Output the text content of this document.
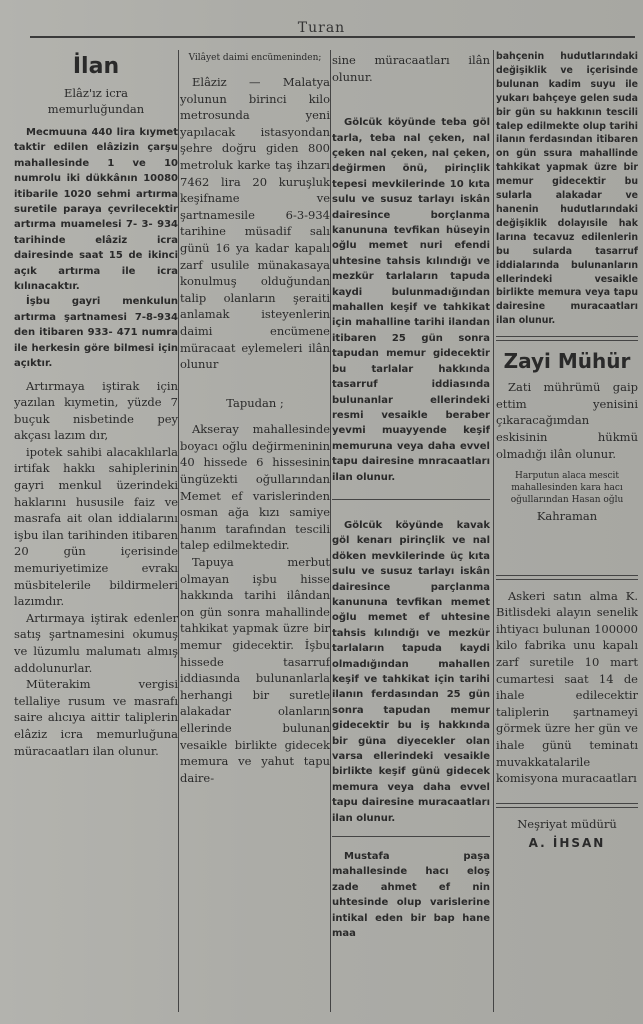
Turan
İlan
Elâz'ız icra memurluğundan

Mecmuuna 440 lira kıymet taktir edilen elâzizin çarşu mahallesinde 1 ve 10 numrolu iki dükkânın 10080 itibarile 1020 sehmi artırma suretile paraya çevrilecektir artırma muamelesi 7- 3- 934 tarihinde elâziz icra dairesinde saat 15 de ikinci açık artırma ile icra kılınacaktır.

İşbu gayri menkulun artırma şartnamesi 7-8-934 den itibaren 933- 471 numra ile herkesin göre bilmesi için açıktır.

Artırmaya iştirak için yazılan kıymetin, yüzde 7 buçuk nisbetinde pey akçası lazım dır,

ipotek sahibi alacaklılarla irtifak hakkı sahiplerinin gayri menkul üzerindeki haklarını hususile faiz ve masrafa ait olan iddialarını işbu ilan tarihinden itibaren 20 gün içerisinde memuriyetimize evrakı müsbitelerile bildirmeleri lazımdır.

Artırmaya iştirak edenler satış şartnamesini okumuş ve lüzumlu malumatı almış addolunurlar.

Müterakim vergisi tellaliye rusum ve masrafı saire alıcıya aittir taliplerin elâziz icra memurluğuna müracaatları ilan olunur.

Vilâyet daimi encümeninden;

Elâziz — Malatya yolunun birinci kilo metrosunda yeni yapılacak istasyondan şehre doğru giden 800 metroluk karke taş ihzarı 7462 lira 20 kuruşluk keşifname ve şartnamesile 6-3-934 tarihine müsadif salı günü 16 ya kadar kapalı zarf usulile münakasaya konulmuş olduğundan talip olanların şeraiti anlamak isteyenlerin daimi encümene müracaat eylemeleri ilân olunur

Tapudan ;

Akseray mahallesinde boyacı oğlu değirmeninin 40 hissede 6 hissesinin üngüzekti oğullarından Memet ef varislerinden osman ağa kızı samiye hanım tarafından tescili talep edilmektedir.

Tapuya merbut olmayan işbu hisse hakkında tarihi ilândan on gün sonra mahallinde tahkikat yapmak üzre bir memur gidecektir. İşbu hissede tasarruf iddiasında bulunanlarla herhangi bir suretle alakadar olanların ellerinde bulunan vesaikle birlikte gidecek memura ve yahut tapu daire-

sine müracaatları ilân olunur.

Gölcük köyünde teba göl tarla, teba nal çeken, nal çeken nal çeken, nal çeken, değirmen önü, pirinçlik tepesi mevkilerinde 10 kıta sulu ve susuz tarlayı iskân dairesince borçlanma kanununa tevfikan hüseyin oğlu memet nuri efendi uhtesine tahsis kılındığı ve mezkür tarlaların tapuda kaydi bulunmadığından mahallen keşif ve tahkikat için mahalline tarihi ilandan itibaren 25 gün sonra tapudan memur gidecektir bu tarlalar hakkında tasarruf iddiasında bulunanlar ellerindeki resmi vesaikle beraber yevmi muayyende keşif memuruna veya daha evvel tapu dairesine mnracaatları ilan olunur.

Gölcük köyünde kavak göl kenarı pirinçlik ve nal döken mevkilerinde üç kıta sulu ve susuz tarlayı iskân dairesince parçlanma kanununa tevfikan memet oğlu memet ef uhtesine tahsis kılındığı ve mezkür tarlaların tapuda kaydi olmadığından mahallen keşif ve tahkikat için tarihi ilanın ferdasından 25 gün sonra tapudan memur gidecektir bu iş hakkında bir güna diyecekler olan varsa ellerindeki vesaikle birlikte keşif günü gidecek memura veya daha evvel tapu dairesine muracaatları ilan olunur.

Mustafa paşa mahallesinde hacı eloş zade ahmet ef nin uhtesinde olup varislerine intikal eden bir bap hane maa

bahçenin hudutlarındaki değişiklik ve içerisinde bulunan kadim suyu ile yukarı bahçeye gelen suda bir gün su hakkının tescili talep edilmekte olup tarihi ilanın ferdasından itibaren on gün ssura mahallinde tahkikat yapmak üzre bir memur gidecektir bu sularla alakadar ve hanenin hudutlarındaki değişiklik dolayısile hak larına tecavuz edilenlerin bu sularda tasarruf iddialarında bulunanların ellerindeki vesaikle birlikte memura veya tapu dairesine muracaatları ilan olunur.

Zayi Mühür

Zati mührümü gaip ettim yenisini çıkaracağımdan eskisinin hükmü olmadığı ilân olunur.

Harputun alaca mescit mahallesinden kara hacı oğullarından Hasan oğlu

Kahraman

Askeri satın alma K. Bitlisdeki alayın senelik ihtiyacı bulunan 100000 kilo fabrika unu kapalı zarf suretile 10 mart cumartesi saat 14 de ihale edilecektir taliplerin şartnameyi görmek üzre her gün ve ihale günü teminatı muvakkatalarile komisyona muracaatları

Neşriyat müdürü

A. İHSAN
